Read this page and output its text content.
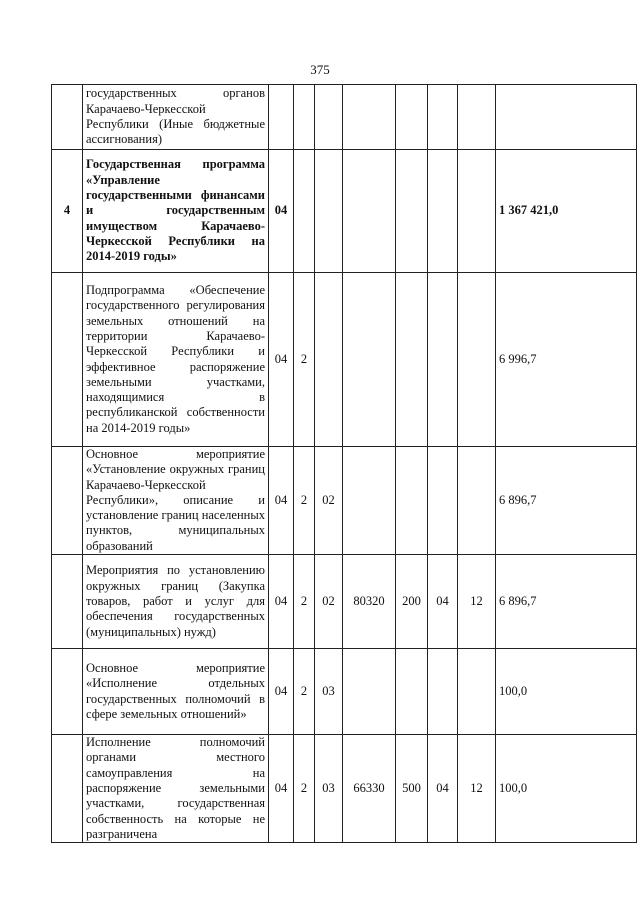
375
	государственных органов Карачаево-Черкесской Республики (Иные бюджетные ассигнования)								
4	Государственная программа «Управление государственными финансами и государственным имуществом Карачаево-Черкесской Республики на 2014-2019 годы»	04							1 367 421,0
	Подпрограмма «Обеспечение государственного регулирования земельных отношений на территории Карачаево-Черкесской Республики и эффективное распоряжение земельными участками, находящимися в республиканской собственности на 2014-2019 годы»	04	2						6 996,7
	Основное мероприятие «Установление окружных границ Карачаево-Черкесской Республики», описание и установление границ населенных пунктов, муниципальных образований	04	2	02					6 896,7
	Мероприятия по установлению окружных границ (Закупка товаров, работ и услуг для обеспечения государственных (муниципальных) нужд)	04	2	02	80320	200	04	12	6 896,7
	Основное мероприятие «Исполнение отдельных государственных полномочий в сфере земельных отношений»	04	2	03					100,0
	Исполнение полномочий органами местного самоуправления на распоряжение земельными участками, государственная собственность на которые не разграничена	04	2	03	66330	500	04	12	100,0
